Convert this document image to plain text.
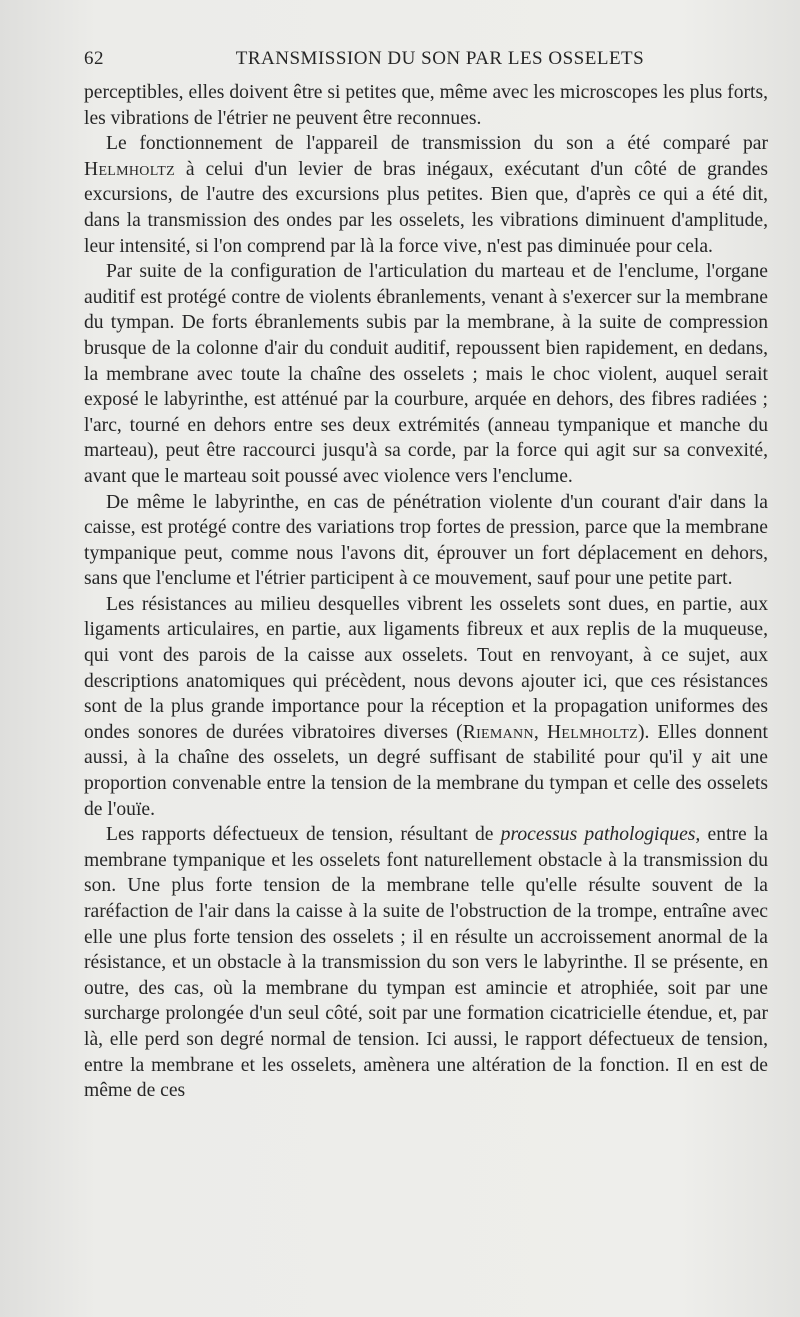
62	TRANSMISSION DU SON PAR LES OSSELETS

perceptibles, elles doivent être si petites que, même avec les microscopes les plus forts, les vibrations de l'étrier ne peuvent être reconnues.

Le fonctionnement de l'appareil de transmission du son a été comparé par Helmholtz à celui d'un levier de bras inégaux, exécutant d'un côté de grandes excursions, de l'autre des excursions plus petites. Bien que, d'après ce qui a été dit, dans la transmission des ondes par les osselets, les vibrations diminuent d'amplitude, leur intensité, si l'on comprend par là la force vive, n'est pas diminuée pour cela.

Par suite de la configuration de l'articulation du marteau et de l'enclume, l'organe auditif est protégé contre de violents ébranlements, venant à s'exercer sur la membrane du tympan. De forts ébranlements subis par la membrane, à la suite de compression brusque de la colonne d'air du conduit auditif, repoussent bien rapidement, en dedans, la membrane avec toute la chaîne des osselets ; mais le choc violent, auquel serait exposé le labyrinthe, est atténué par la courbure, arquée en dehors, des fibres radiées ; l'arc, tourné en dehors entre ses deux extrémités (anneau tympanique et manche du marteau), peut être raccourci jusqu'à sa corde, par la force qui agit sur sa convexité, avant que le marteau soit poussé avec violence vers l'enclume.

De même le labyrinthe, en cas de pénétration violente d'un courant d'air dans la caisse, est protégé contre des variations trop fortes de pression, parce que la membrane tympanique peut, comme nous l'avons dit, éprouver un fort déplacement en dehors, sans que l'enclume et l'étrier participent à ce mouvement, sauf pour une petite part.

Les résistances au milieu desquelles vibrent les osselets sont dues, en partie, aux ligaments articulaires, en partie, aux ligaments fibreux et aux replis de la muqueuse, qui vont des parois de la caisse aux osselets. Tout en renvoyant, à ce sujet, aux descriptions anatomiques qui précèdent, nous devons ajouter ici, que ces résistances sont de la plus grande importance pour la réception et la propagation uniformes des ondes sonores de durées vibratoires diverses (Riemann, Helmholtz). Elles donnent aussi, à la chaîne des osselets, un degré suffisant de stabilité pour qu'il y ait une proportion convenable entre la tension de la membrane du tympan et celle des osselets de l'ouïe.

Les rapports défectueux de tension, résultant de processus pathologiques, entre la membrane tympanique et les osselets font naturellement obstacle à la transmission du son. Une plus forte tension de la membrane telle qu'elle résulte souvent de la raréfaction de l'air dans la caisse à la suite de l'obstruction de la trompe, entraîne avec elle une plus forte tension des osselets ; il en résulte un accroissement anormal de la résistance, et un obstacle à la transmission du son vers le labyrinthe. Il se présente, en outre, des cas, où la membrane du tympan est amincie et atrophiée, soit par une surcharge prolongée d'un seul côté, soit par une formation cicatricielle étendue, et, par là, elle perd son degré normal de tension. Ici aussi, le rapport défectueux de tension, entre la membrane et les osselets, amènera une altération de la fonction. Il en est de même de ces
